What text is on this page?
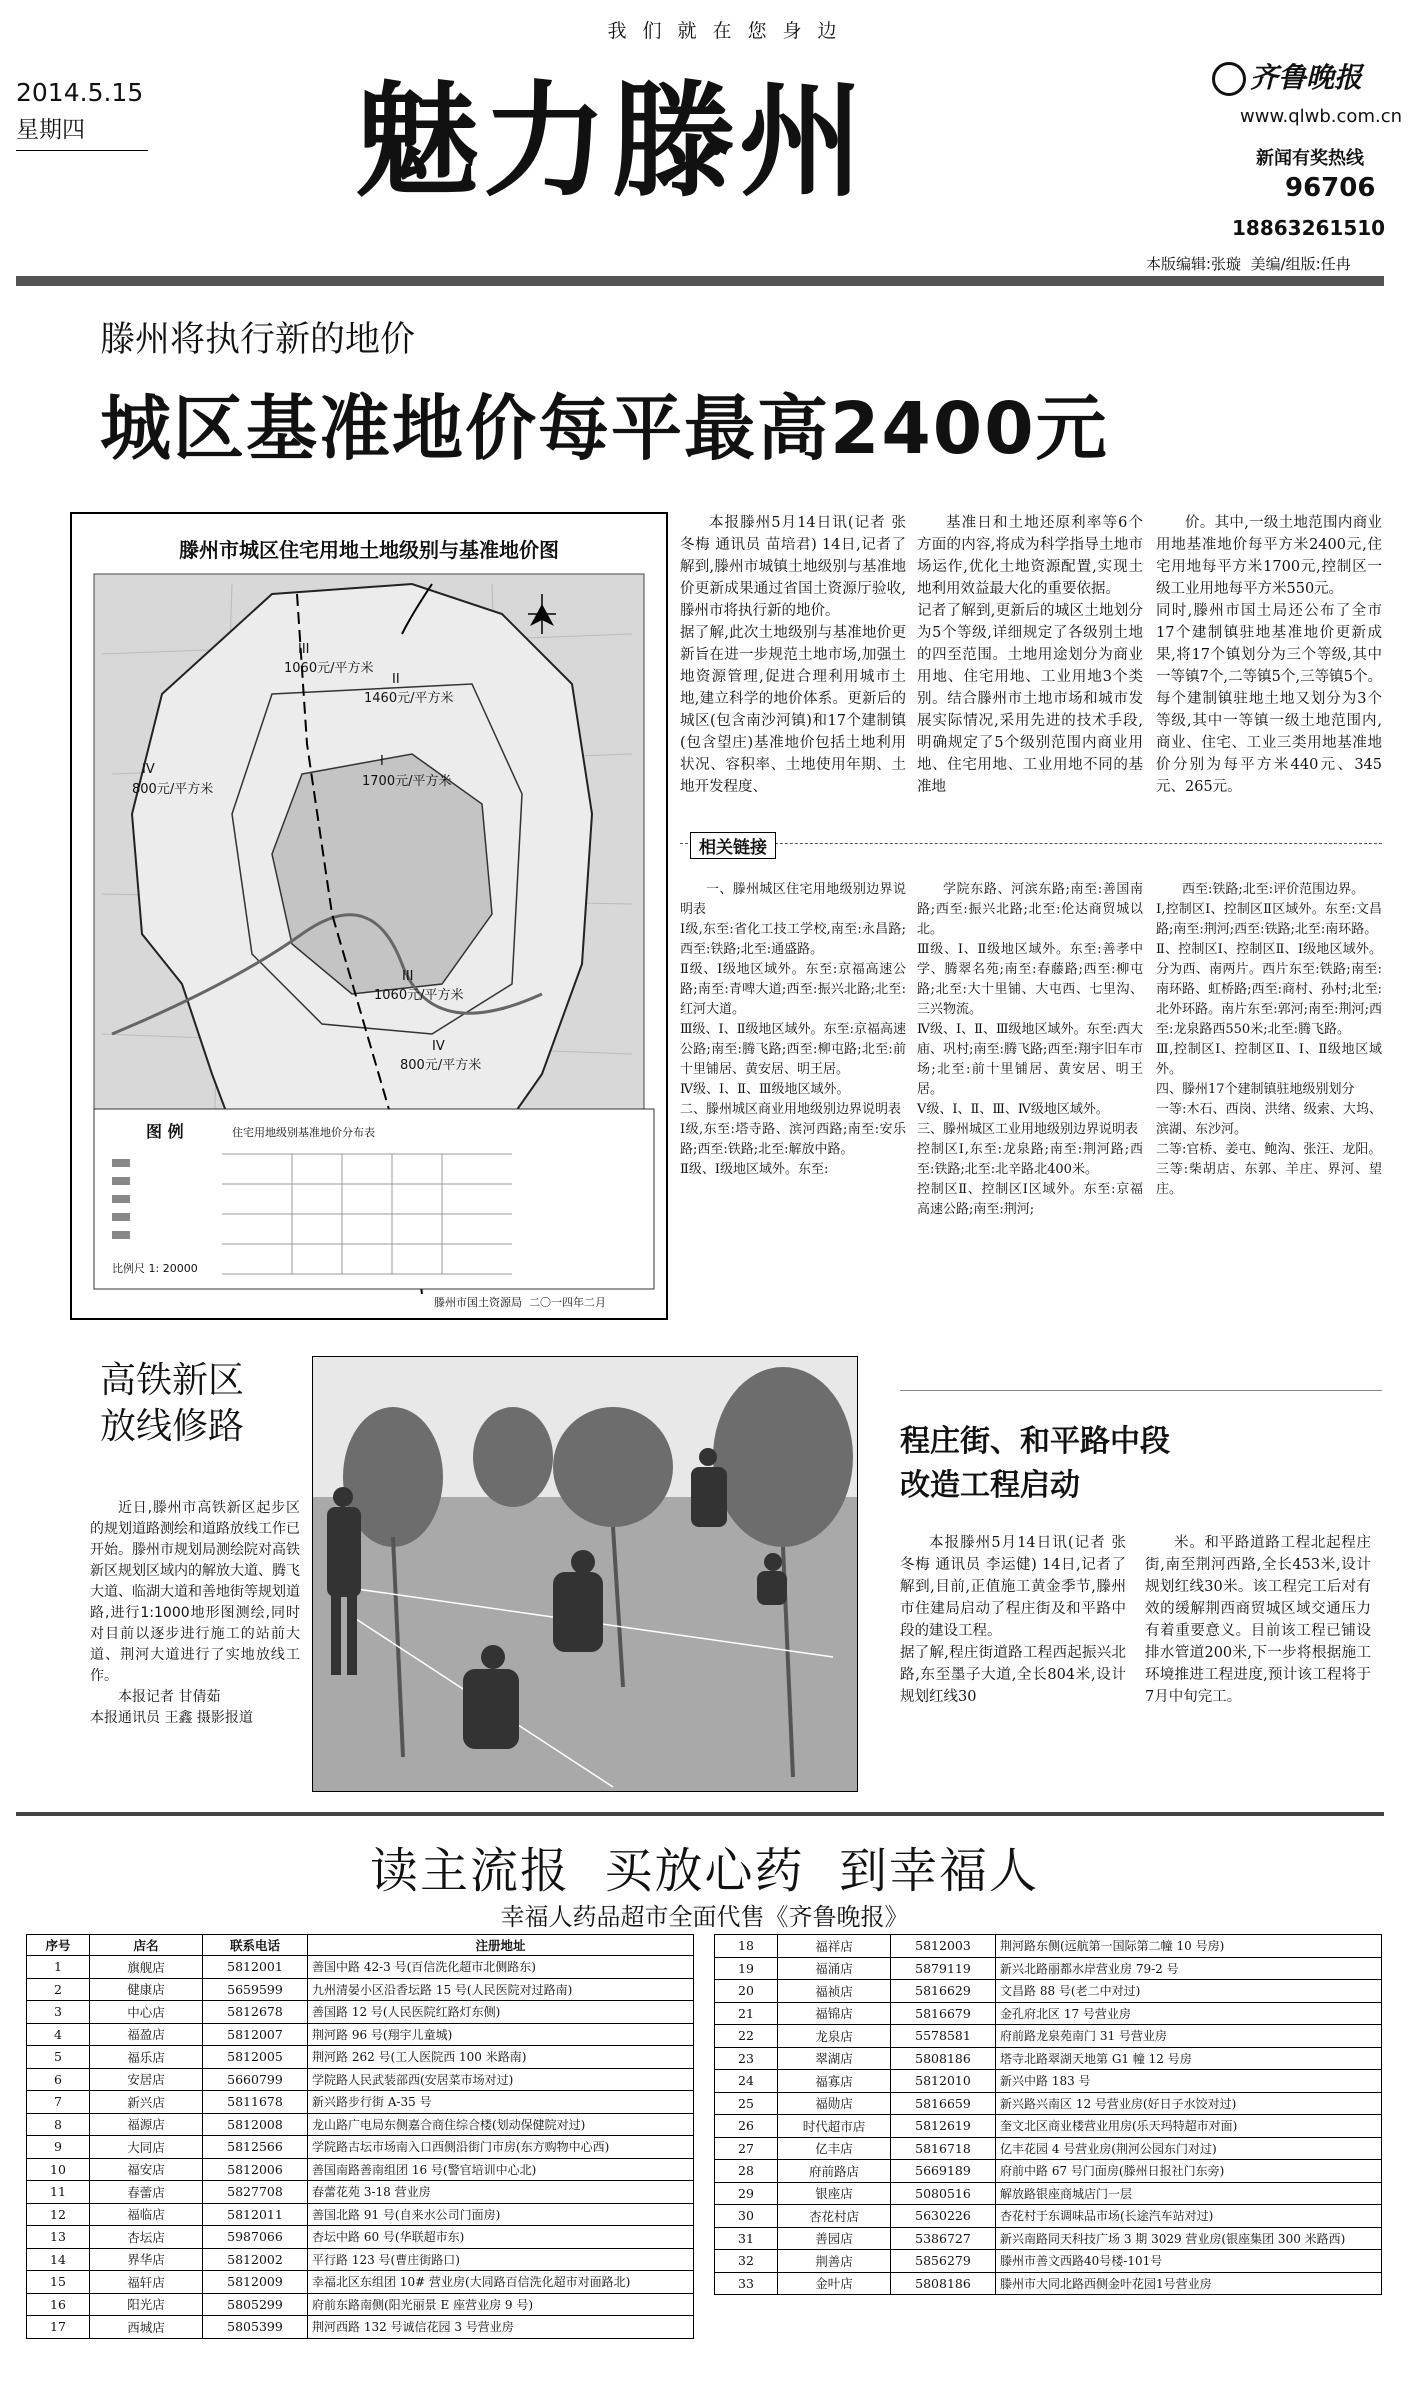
我们就在您身边
2014.5.15
星期四 魅力滕州	齐鲁晚报
www.qlwb.com.cn
新闻有奖热线
96706
18863261510
本版编辑:张璇  美编/组版:任冉
滕州将执行新的地价
城区基准地价每平最高2400元
滕州市城区住宅用地土地级别与基准地价图
III
1060元/平方米
II
1460元/平方米
I
1700元/平方米
IV
800元/平方米
III
1060元/平方米
IV
800元/平方米
图 例	住宅用地级别基准地价分布表
比例尺 1: 20000
滕州市国土资源局  二〇一四年二月

本报滕州5月14日讯(记者 张冬梅 通讯员 苗培君) 14日,记者了解到,滕州市城镇土地级别与基准地价更新成果通过省国土资源厅验收,滕州市将执行新的地价。
据了解,此次土地级别与基准地价更新旨在进一步规范土地市场,加强土地资源管理,促进合理利用城市土地,建立科学的地价体系。更新后的城区(包含南沙河镇)和17个建制镇(包含望庄)基准地价包括土地利用状况、容积率、土地使用年期、土地开发程度、

基准日和土地还原利率等6个方面的内容,将成为科学指导土地市场运作,优化土地资源配置,实现土地利用效益最大化的重要依据。
记者了解到,更新后的城区土地划分为5个等级,详细规定了各级别土地的四至范围。土地用途划分为商业用地、住宅用地、工业用地3个类别。结合滕州市土地市场和城市发展实际情况,采用先进的技术手段,明确规定了5个级别范围内商业用地、住宅用地、工业用地不同的基准地

价。其中,一级土地范围内商业用地基准地价每平方米2400元,住宅用地每平方米1700元,控制区一级工业用地每平方米550元。
同时,滕州市国土局还公布了全市17个建制镇驻地基准地价更新成果,将17个镇划分为三个等级,其中一等镇7个,二等镇5个,三等镇5个。每个建制镇驻地土地又划分为3个等级,其中一等镇一级土地范围内,商业、住宅、工业三类用地基准地价分别为每平方米440元、345元、265元。

相关链接

一、滕州城区住宅用地级别边界说明表
Ⅰ级,东至:省化工技工学校,南至:永昌路;西至:铁路;北至:通盛路。
Ⅱ级、Ⅰ级地区域外。东至:京福高速公路;南至:青啤大道;西至:振兴北路;北至:红河大道。
Ⅲ级、Ⅰ、Ⅱ级地区域外。东至:京福高速公路;南至:腾飞路;西至:柳屯路;北至:前十里铺居、黄安居、明王居。
Ⅳ级、Ⅰ、Ⅱ、Ⅲ级地区域外。
二、滕州城区商业用地级别边界说明表
Ⅰ级,东至:塔寺路、滨河西路;南至:安乐路;西至:铁路;北至:解放中路。
Ⅱ级、Ⅰ级地区域外。东至:

学院东路、河滨东路;南至:善国南路;西至:振兴北路;北至:伦达商贸城以北。
Ⅲ级、Ⅰ、Ⅱ级地区域外。东至:善孝中学、腾翠名苑;南至:春藤路;西至:柳屯路;北至:大十里铺、大屯西、七里沟、三兴物流。
Ⅳ级、Ⅰ、Ⅱ、Ⅲ级地区域外。东至:西大庙、巩村;南至:腾飞路;西至:翔宇旧车市场;北至:前十里铺居、黄安居、明王居。
Ⅴ级、Ⅰ、Ⅱ、Ⅲ、Ⅳ级地区域外。
三、滕州城区工业用地级别边界说明表
控制区Ⅰ,东至:龙泉路;南至:荆河路;西至:铁路;北至:北辛路北400米。
控制区Ⅱ、控制区Ⅰ区域外。东至:京福高速公路;南至:荆河;

西至:铁路;北至:评价范围边界。
Ⅰ,控制区Ⅰ、控制区Ⅱ区域外。东至:文昌路;南至:荆河;西至:铁路;北至:南环路。
Ⅱ、控制区Ⅰ、控制区Ⅱ、Ⅰ级地区域外。分为西、南两片。西片东至:铁路;南至:南环路、虹桥路;西至:商村、孙村;北至:北外环路。南片东至:郭河;南至:荆河;西至:龙泉路西550米;北至:腾飞路。
Ⅲ,控制区Ⅰ、控制区Ⅱ、Ⅰ、Ⅱ级地区域外。
四、滕州17个建制镇驻地级别划分
一等:木石、西岗、洪绪、级索、大坞、滨湖、东沙河。
二等:官桥、姜屯、鲍沟、张汪、龙阳。
三等:柴胡店、东郭、羊庄、界河、望庄。

高铁新区
放线修路

近日,滕州市高铁新区起步区的规划道路测绘和道路放线工作已开始。滕州市规划局测绘院对高铁新区规划区域内的解放大道、腾飞大道、临湖大道和善地街等规划道路,进行1:1000地形图测绘,同时对目前以逐步进行施工的站前大道、荆河大道进行了实地放线工作。

本报记者 甘倩茹
本报通讯员 王鑫 摄影报道

程庄街、和平路中段
改造工程启动

本报滕州5月14日讯(记者 张冬梅 通讯员 李运健) 14日,记者了解到,目前,正值施工黄金季节,滕州市住建局启动了程庄街及和平路中段的建设工程。
据了解,程庄街道路工程西起振兴北路,东至墨子大道,全长804米,设计规划红线30

米。和平路道路工程北起程庄街,南至荆河西路,全长453米,设计规划红线30米。该工程完工后对有效的缓解荆西商贸城区域交通压力有着重要意义。目前该工程已铺设排水管道200米,下一步将根据施工环境推进工程进度,预计该工程将于7月中旬完工。

读主流报  买放心药  到幸福人
幸福人药品超市全面代售《齐鲁晚报》
序号	店名	联系电话	注册地址
1	旗舰店	5812001	善国中路 42-3 号(百信洗化超市北侧路东)
2	健康店	5659599	九州清晏小区沿香坛路 15 号(人民医院对过路南)
3	中心店	5812678	善国路 12 号(人民医院红路灯东侧)
4	福盈店	5812007	荆河路 96 号(翔宇儿童城)
5	福乐店	5812005	荆河路 262 号(工人医院西 100 米路南)
6	安居店	5660799	学院路人民武装部西(安居菜市场对过)
7	新兴店	5811678	新兴路步行街 A-35 号
8	福源店	5812008	龙山路广电局东侧嘉合商住综合楼(划动保健院对过)
9	大同店	5812566	学院路古坛市场南入口西侧沿街门市房(东方购物中心西)
10	福安店	5812006	善国南路善南组团 16 号(警官培训中心北)
11	春蕾店	5827708	春蕾花苑 3-18 营业房
12	福临店	5812011	善国北路 91 号(自来水公司门面房)
13	杏坛店	5987066	杏坛中路 60 号(华联超市东)
14	界华店	5812002	平行路 123 号(曹庄街路口)
15	福轩店	5812009	幸福北区东组团 10# 营业房(大同路百信洗化超市对面路北)
16	阳光店	5805299	府前东路南侧(阳光丽景 E 座营业房 9 号)
17	西城店	5805399	荆河西路 132 号诚信花园 3 号营业房
18	福祥店	5812003	荆河路东侧(远航第一国际第二幢 10 号房)
19	福涌店	5879119	新兴北路丽都水岸营业房 79-2 号
20	福祯店	5816629	文昌路 88 号(老二中对过)
21	福锦店	5816679	金孔府北区 17 号营业房
22	龙泉店	5578581	府前路龙泉苑南门 31 号营业房
23	翠湖店	5808186	塔寺北路翠湖天地第 G1 幢 12 号房
24	福寡店	5812010	新兴中路 183 号
25	福勋店	5816659	新兴路兴南区 12 号营业房(好日子水饺对过)
26	时代超市店	5812619	奎文北区商业楼营业用房(乐天玛特超市对面)
27	亿丰店	5816718	亿丰花园 4 号营业房(荆河公园东门对过)
28	府前路店	5669189	府前中路 67 号门面房(滕州日报社门东旁)
29	银座店	5080516	解放路银座商城店门一层
30	杏花村店	5630226	杏花村于东调味品市场(长途汽车站对过)
31	善园店	5386727	新兴南路同天科技广场 3 期 3029 营业房(银座集团 300 米路西)
32	荆善店	5856279	滕州市善文西路40号楼-101号
33	金叶店	5808186	滕州市大同北路西侧金叶花园1号营业房
